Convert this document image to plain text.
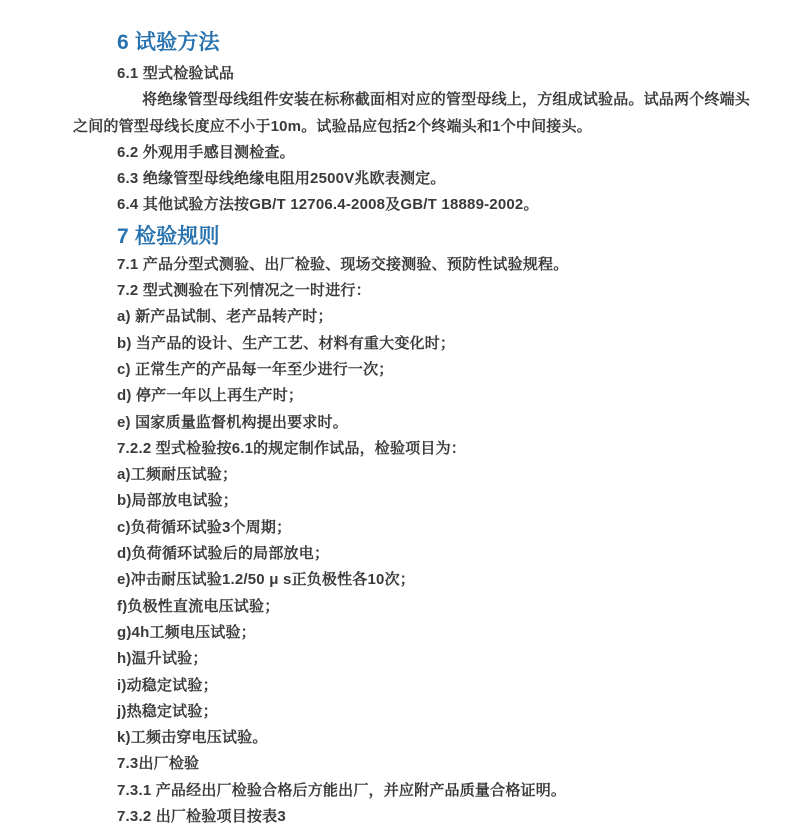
6 试验方法

6.1 型式检验试品

将绝缘管型母线组件安装在标称截面相对应的管型母线上，方组成试验品。试品两个终端头之间的管型母线长度应不小于10m。试验品应包括2个终端头和1个中间接头。

6.2 外观用手感目测检查。

6.3 绝缘管型母线绝缘电阻用2500V兆欧表测定。

6.4 其他试验方法按GB/T 12706.4-2008及GB/T 18889-2002。

7 检验规则

7.1 产品分型式测验、出厂检验、现场交接测验、预防性试验规程。

7.2 型式测验在下列情况之一时进行：

a) 新产品试制、老产品转产时；

b) 当产品的设计、生产工艺、材料有重大变化时；

c) 正常生产的产品每一年至少进行一次；

d) 停产一年以上再生产时；

e) 国家质量监督机构提出要求时。

7.2.2 型式检验按6.1的规定制作试品，检验项目为：

a)工频耐压试验；

b)局部放电试验；

c)负荷循环试验3个周期；

d)负荷循环试验后的局部放电；

e)冲击耐压试验1.2/50 μ s正负极性各10次；

f)负极性直流电压试验；

g)4h工频电压试验；

h)温升试验；

i)动稳定试验；

j)热稳定试验；

k)工频击穿电压试验。

7.3出厂检验

7.3.1 产品经出厂检验合格后方能出厂，并应附产品质量合格证明。

7.3.2 出厂检验项目按表3
